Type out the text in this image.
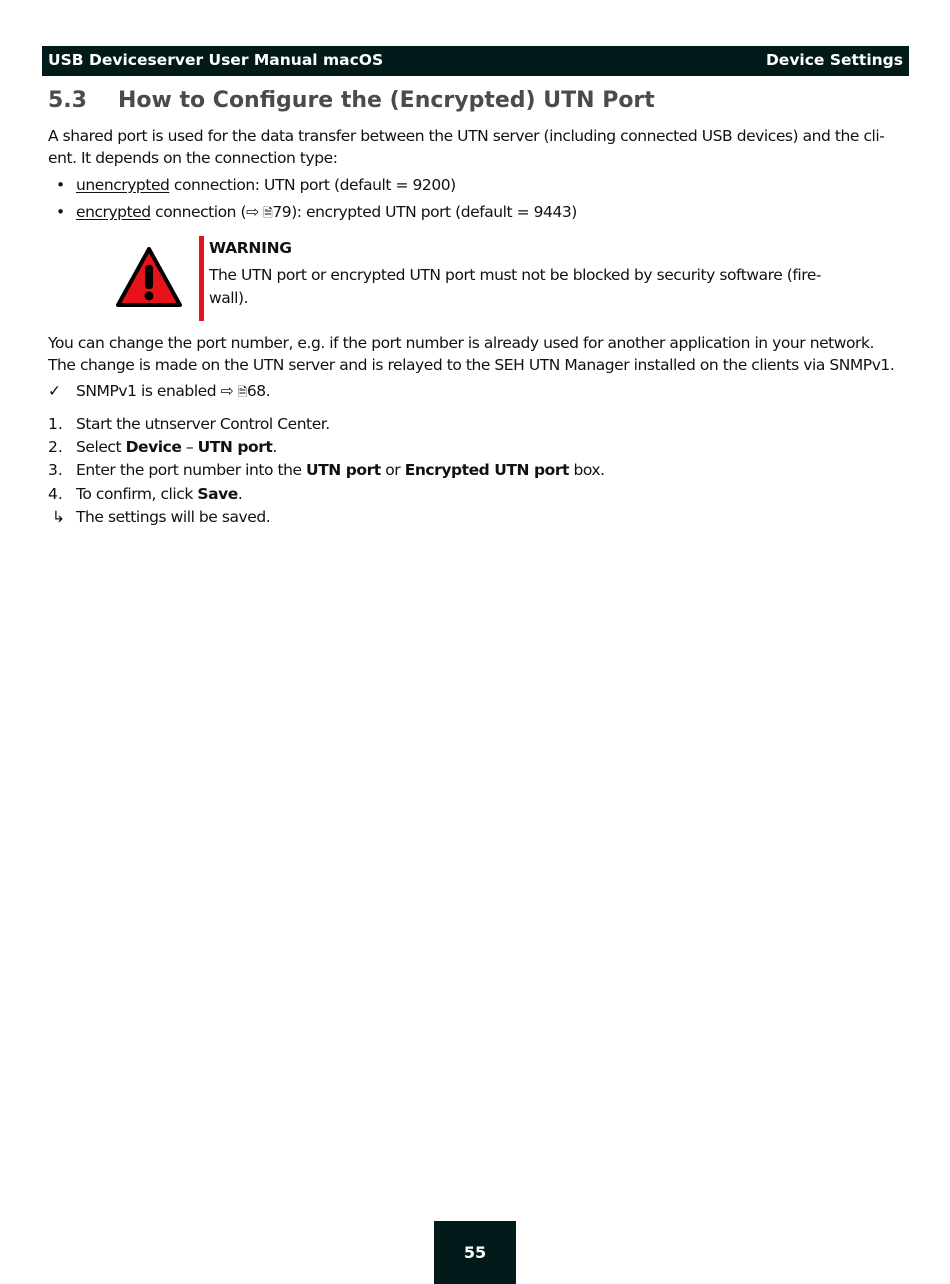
USB Deviceserver User Manual macOS	Device Settings
5.3 How to Configure the (Encrypted) UTN Port
A shared port is used for the data transfer between the UTN server (including connected USB devices) and the cli-
ent. It depends on the connection type:
• unencrypted connection: UTN port (default = 9200)
• encrypted connection (⇨ 🗎79): encrypted UTN port (default = 9443)
WARNING
The UTN port or encrypted UTN port must not be blocked by security software (fire-
wall).
You can change the port number, e.g. if the port number is already used for another application in your network.
The change is made on the UTN server and is relayed to the SEH UTN Manager installed on the clients via SNMPv1.
✓ SNMPv1 is enabled ⇨ 🗎68.
1. Start the utnserver Control Center.
2. Select Device – UTN port.
3. Enter the port number into the UTN port or Encrypted UTN port box.
4. To confirm, click Save.
↳ The settings will be saved.
55
